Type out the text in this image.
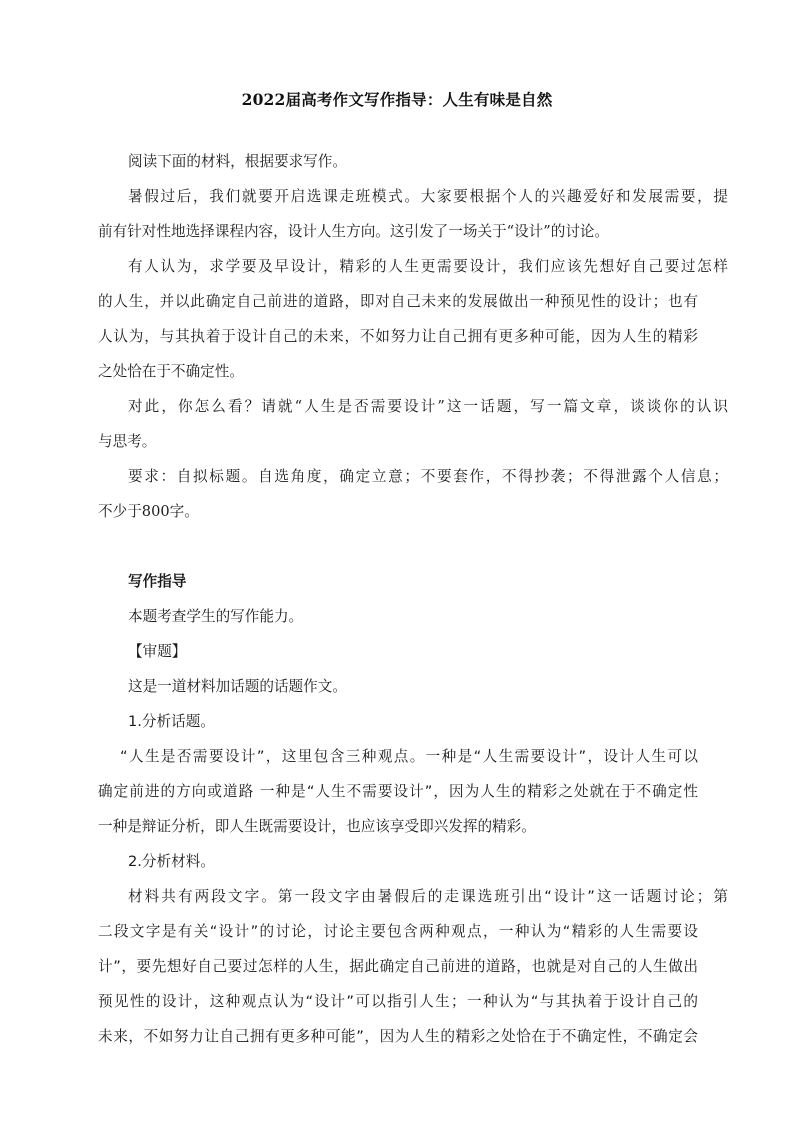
2022届高考作文写作指导：人生有味是自然
阅读下面的材料，根据要求写作。
暑假过后，我们就要开启选课走班模式。大家要根据个人的兴趣爱好和发展需要，提
前有针对性地选择课程内容，设计人生方向。这引发了一场关于“设计”的讨论。
有人认为，求学要及早设计，精彩的人生更需要设计，我们应该先想好自己要过怎样
的人生，并以此确定自己前进的道路，即对自己未来的发展做出一种预见性的设计；也有
人认为，与其执着于设计自己的未来，不如努力让自己拥有更多种可能，因为人生的精彩
之处恰在于不确定性。
对此，你怎么看？请就“人生是否需要设计”这一话题，写一篇文章，谈谈你的认识
与思考。
要求：自拟标题。自选角度，确定立意；不要套作，不得抄袭；不得泄露个人信息；
不少于800字。
写作指导
本题考查学生的写作能力。
【审题】
这是一道材料加话题的话题作文。
1.分析话题。
“人生是否需要设计”，这里包含三种观点。一种是“人生需要设计”，设计人生可以
确定前进的方向或道路 一种是“人生不需要设计”，因为人生的精彩之处就在于不确定性
一种是辩证分析，即人生既需要设计，也应该享受即兴发挥的精彩。
2.分析材料。
材料共有两段文字。第一段文字由暑假后的走课选班引出“设计”这一话题讨论；第
二段文字是有关“设计”的讨论，讨论主要包含两种观点，一种认为“精彩的人生需要设
计”，要先想好自己要过怎样的人生，据此确定自己前进的道路，也就是对自己的人生做出
预见性的设计，这种观点认为“设计”可以指引人生；一种认为“与其执着于设计自己的
未来，不如努力让自己拥有更多种可能”，因为人生的精彩之处恰在于不确定性，不确定会
